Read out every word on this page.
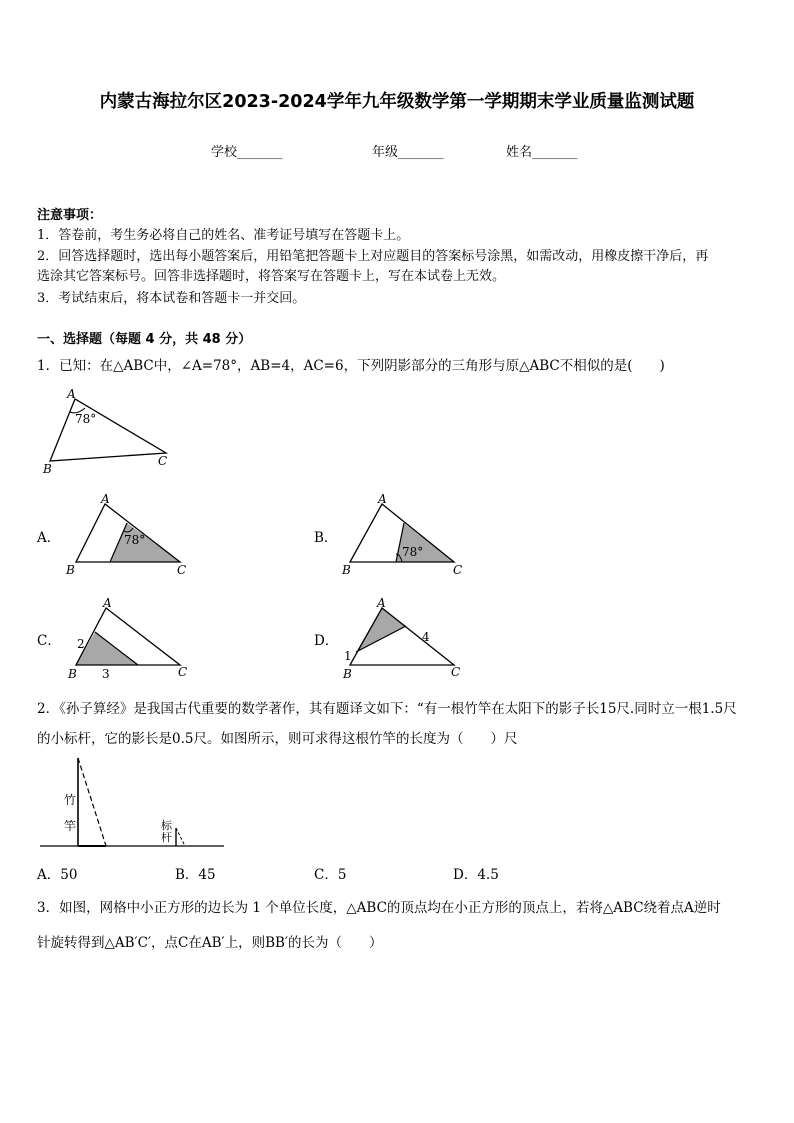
内蒙古海拉尔区2023-2024学年九年级数学第一学期期末学业质量监测试题
学校_______	年级_______	姓名_______
注意事项：
1．答卷前，考生务必将自己的姓名、准考证号填写在答题卡上。
2．回答选择题时，选出每小题答案后，用铅笔把答题卡上对应题目的答案标号涂黑，如需改动，用橡皮擦干净后，再
选涂其它答案标号。回答非选择题时，将答案写在答题卡上，写在本试卷上无效。
3．考试结束后，将本试卷和答题卡一并交回。
一、选择题（每题 4 分，共 48 分）
1．已知：在△ABC中，∠A=78°，AB=4，AC=6，下列阴影部分的三角形与原△ABC不相似的是(　　)
A
78°
B
C
A．
A
78°
B	C
B．
A
78°
B	C
C．
A
2
3
B	C
D．
A
4
1
B	C
2．《孙子算经》是我国古代重要的数学著作，其有题译文如下：“有一根竹竿在太阳下的影子长15尺.同时立一根1.5尺
的小标杆，它的影长是0.5尺。如图所示，则可求得这根竹竿的长度为（　　）尺
竹
竿	标
杆
A．50	B．45	C．5	D．4.5
3．如图，网格中小正方形的边长为 1 个单位长度，△ABC的顶点均在小正方形的顶点上，若将△ABC绕着点A逆时
针旋转得到△AB′C′，点C在AB′上，则BB′的长为（　　）
